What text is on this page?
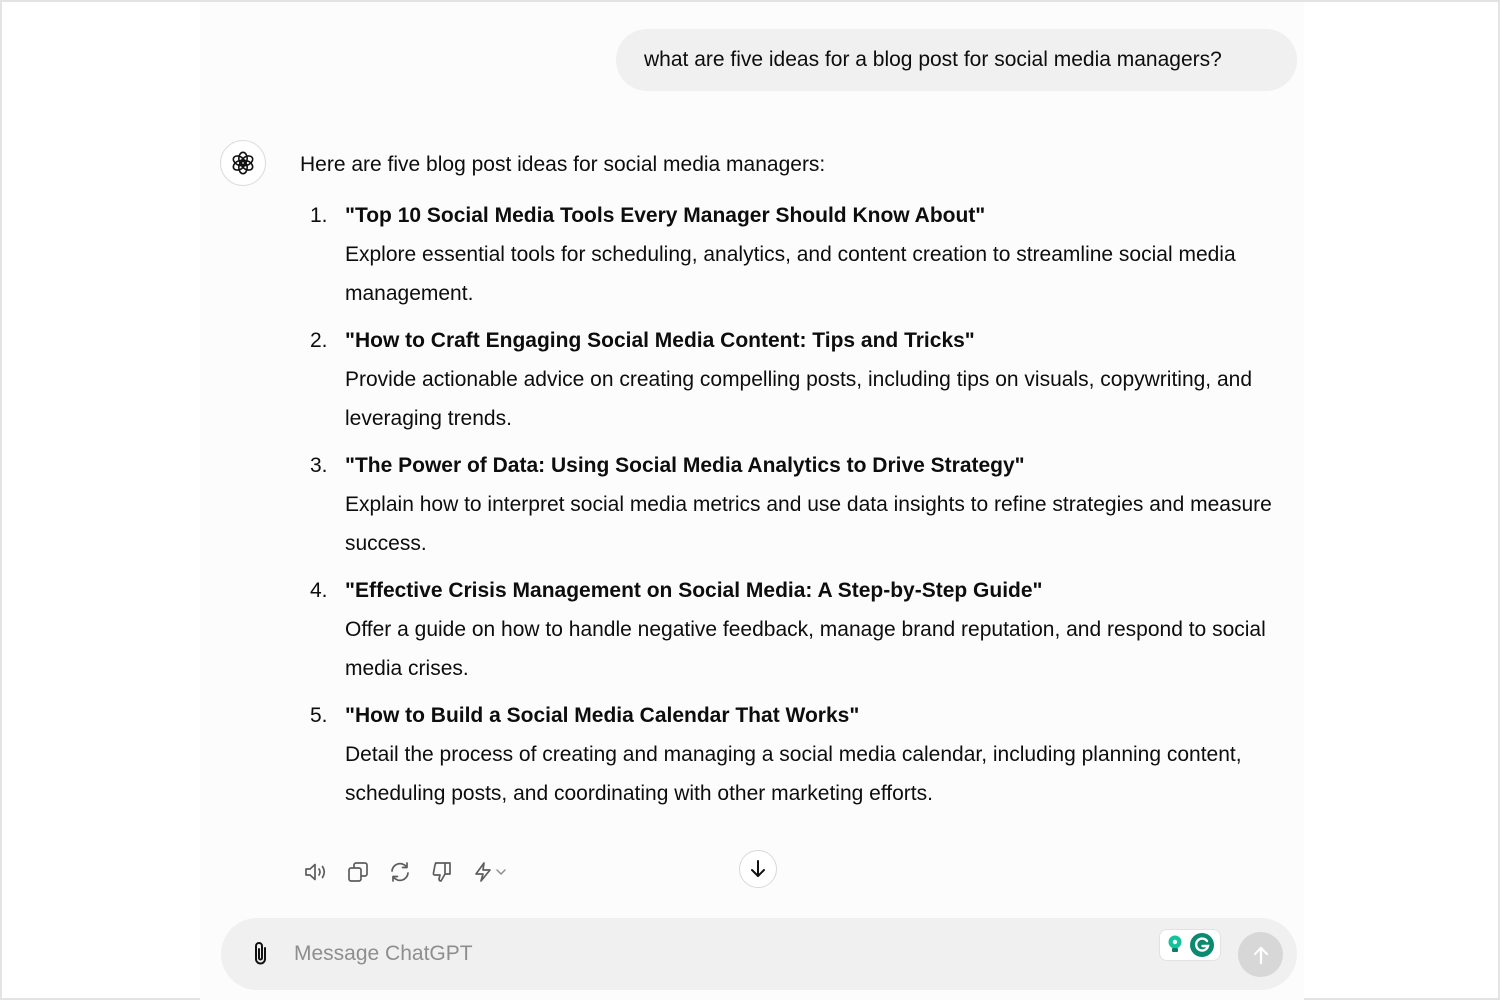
what are five ideas for a blog post for social media managers?

Here are five blog post ideas for social media managers:

1. "Top 10 Social Media Tools Every Manager Should Know About"
Explore essential tools for scheduling, analytics, and content creation to streamline social media management.
2. "How to Craft Engaging Social Media Content: Tips and Tricks"
Provide actionable advice on creating compelling posts, including tips on visuals, copywriting, and leveraging trends.
3. "The Power of Data: Using Social Media Analytics to Drive Strategy"
Explain how to interpret social media metrics and use data insights to refine strategies and measure success.
4. "Effective Crisis Management on Social Media: A Step-by-Step Guide"
Offer a guide on how to handle negative feedback, manage brand reputation, and respond to social media crises.
5. "How to Build a Social Media Calendar That Works"
Detail the process of creating and managing a social media calendar, including planning content, scheduling posts, and coordinating with other marketing efforts.
Message ChatGPT
